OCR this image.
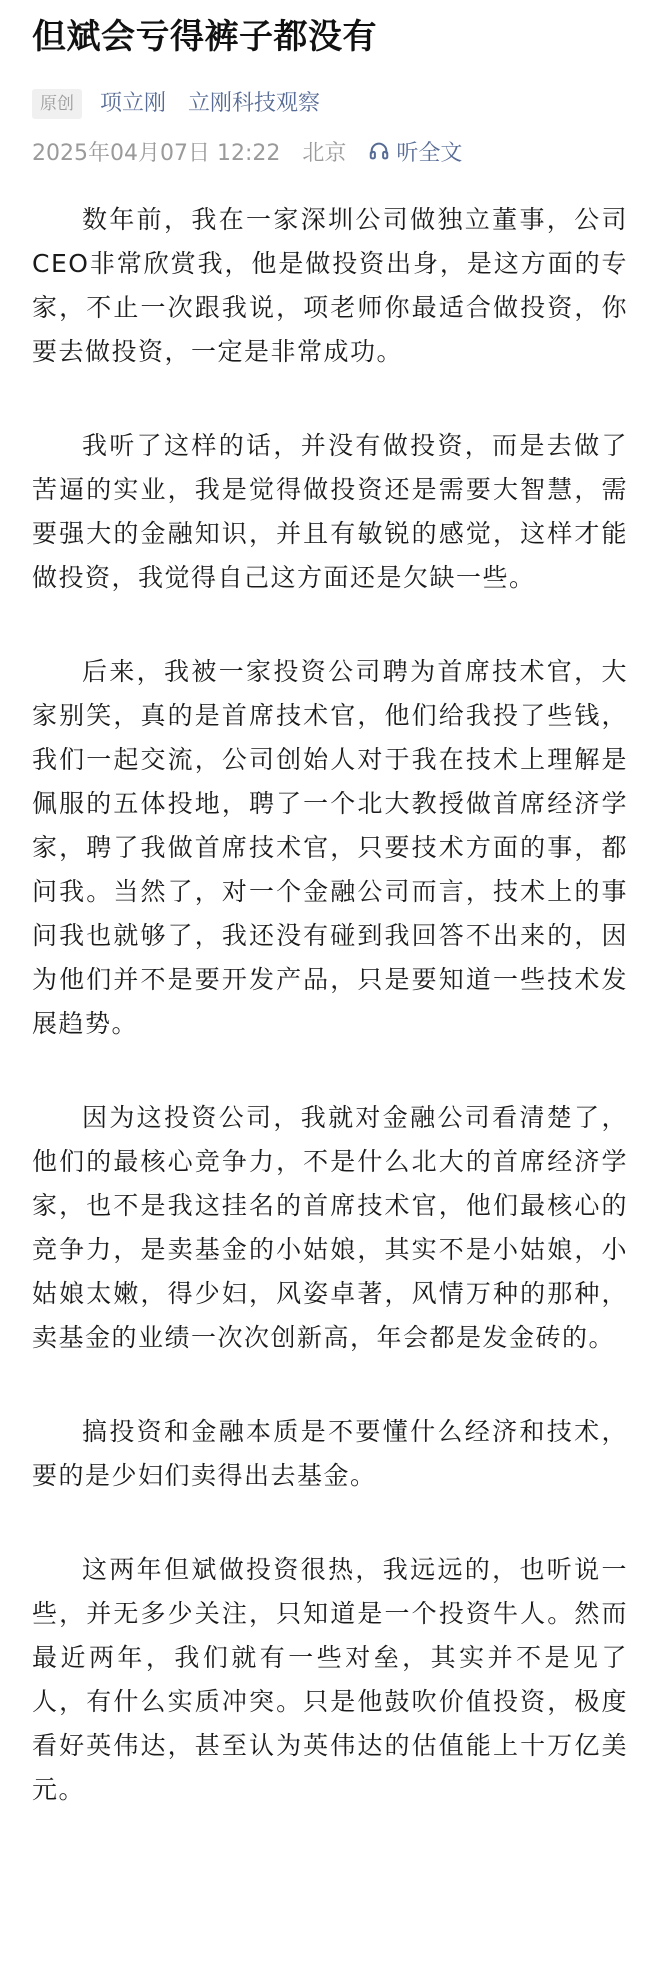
但斌会亏得裤子都没有
原创	项立刚 立刚科技观察
2025年04月07日 12:22 北京 听全文

数年前，我在一家深圳公司做独立董事，公司CEO非常欣赏我，他是做投资出身，是这方面的专家，不止一次跟我说，项老师你最适合做投资，你要去做投资，一定是非常成功。

我听了这样的话，并没有做投资，而是去做了苦逼的实业，我是觉得做投资还是需要大智慧，需要强大的金融知识，并且有敏锐的感觉，这样才能做投资，我觉得自己这方面还是欠缺一些。

后来，我被一家投资公司聘为首席技术官，大家别笑，真的是首席技术官，他们给我投了些钱，我们一起交流，公司创始人对于我在技术上理解是佩服的五体投地，聘了一个北大教授做首席经济学家，聘了我做首席技术官，只要技术方面的事，都问我。当然了，对一个金融公司而言，技术上的事问我也就够了，我还没有碰到我回答不出来的，因为他们并不是要开发产品，只是要知道一些技术发展趋势。

因为这投资公司，我就对金融公司看清楚了，他们的最核心竞争力，不是什么北大的首席经济学家，也不是我这挂名的首席技术官，他们最核心的竞争力，是卖基金的小姑娘，其实不是小姑娘，小姑娘太嫩，得少妇，风姿卓著，风情万种的那种，卖基金的业绩一次次创新高，年会都是发金砖的。

搞投资和金融本质是不要懂什么经济和技术，要的是少妇们卖得出去基金。

这两年但斌做投资很热，我远远的，也听说一些，并无多少关注，只知道是一个投资牛人。然而最近两年，我们就有一些对垒，其实并不是见了人，有什么实质冲突。只是他鼓吹价值投资，极度看好英伟达，甚至认为英伟达的估值能上十万亿美元。
